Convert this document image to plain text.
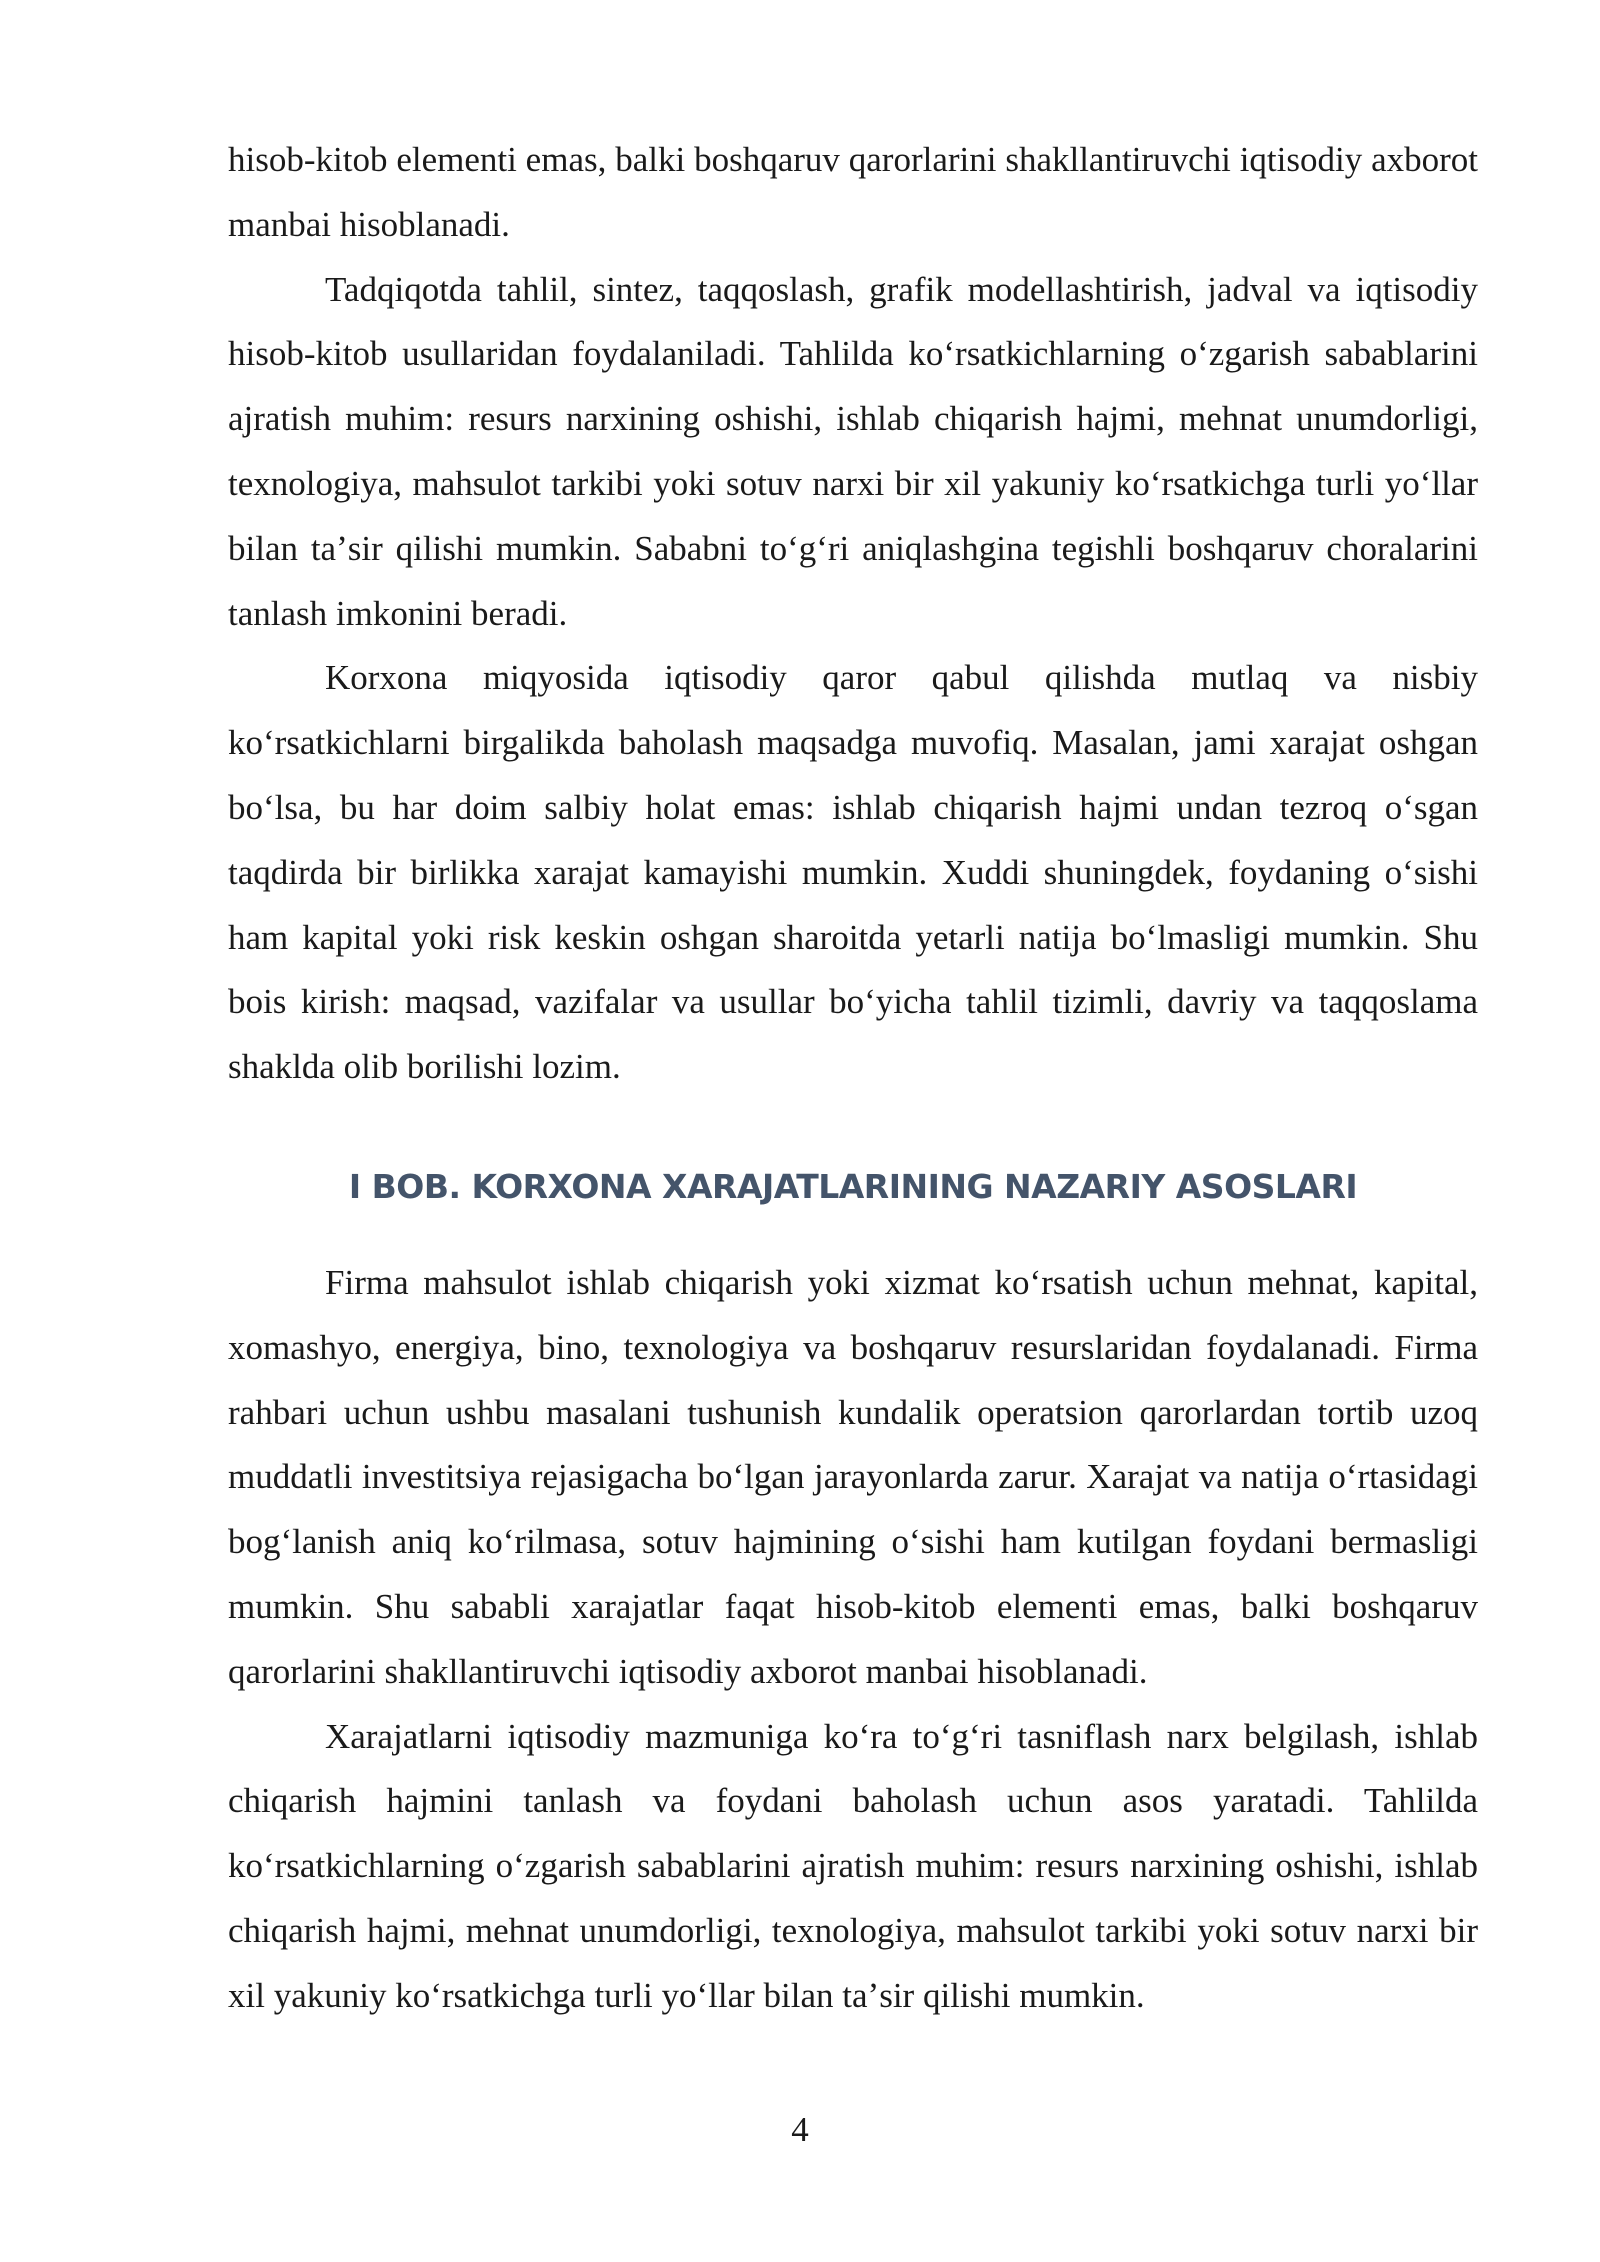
hisob-kitob elementi emas, balki boshqaruv qarorlarini shakllantiruvchi iqtisodiy axborot manbai hisoblanadi.

Tadqiqotda tahlil, sintez, taqqoslash, grafik modellashtirish, jadval va iqtisodiy hisob-kitob usullaridan foydalaniladi. Tahlilda koʻrsatkichlarning oʻzgarish sabablarini ajratish muhim: resurs narxining oshishi, ishlab chiqarish hajmi, mehnat unumdorligi, texnologiya, mahsulot tarkibi yoki sotuv narxi bir xil yakuniy koʻrsatkichga turli yoʻllar bilan taʼsir qilishi mumkin. Sababni toʻgʻri aniqlashgina tegishli boshqaruv choralarini tanlash imkonini beradi.

Korxona miqyosida iqtisodiy qaror qabul qilishda mutlaq va nisbiy koʻrsatkichlarni birgalikda baholash maqsadga muvofiq. Masalan, jami xarajat oshgan boʻlsa, bu har doim salbiy holat emas: ishlab chiqarish hajmi undan tezroq oʻsgan taqdirda bir birlikka xarajat kamayishi mumkin. Xuddi shuningdek, foydaning oʻsishi ham kapital yoki risk keskin oshgan sharoitda yetarli natija boʻlmasligi mumkin. Shu bois kirish: maqsad, vazifalar va usullar boʻyicha tahlil tizimli, davriy va taqqoslama shaklda olib borilishi lozim.

I BOB. KORXONA XARAJATLARINING NAZARIY ASOSLARI

Firma mahsulot ishlab chiqarish yoki xizmat koʻrsatish uchun mehnat, kapital, xomashyo, energiya, bino, texnologiya va boshqaruv resurslaridan foydalanadi. Firma rahbari uchun ushbu masalani tushunish kundalik operatsion qarorlardan tortib uzoq muddatli investitsiya rejasigacha boʻlgan jarayonlarda zarur. Xarajat va natija oʻrtasidagi bogʻlanish aniq koʻrilmasa, sotuv hajmining oʻsishi ham kutilgan foydani bermasligi mumkin. Shu sababli xarajatlar faqat hisob-kitob elementi emas, balki boshqaruv qarorlarini shakllantiruvchi iqtisodiy axborot manbai hisoblanadi.

Xarajatlarni iqtisodiy mazmuniga koʻra toʻgʻri tasniflash narx belgilash, ishlab chiqarish hajmini tanlash va foydani baholash uchun asos yaratadi. Tahlilda koʻrsatkichlarning oʻzgarish sabablarini ajratish muhim: resurs narxining oshishi, ishlab chiqarish hajmi, mehnat unumdorligi, texnologiya, mahsulot tarkibi yoki sotuv narxi bir xil yakuniy koʻrsatkichga turli yoʻllar bilan taʼsir qilishi mumkin.

4
